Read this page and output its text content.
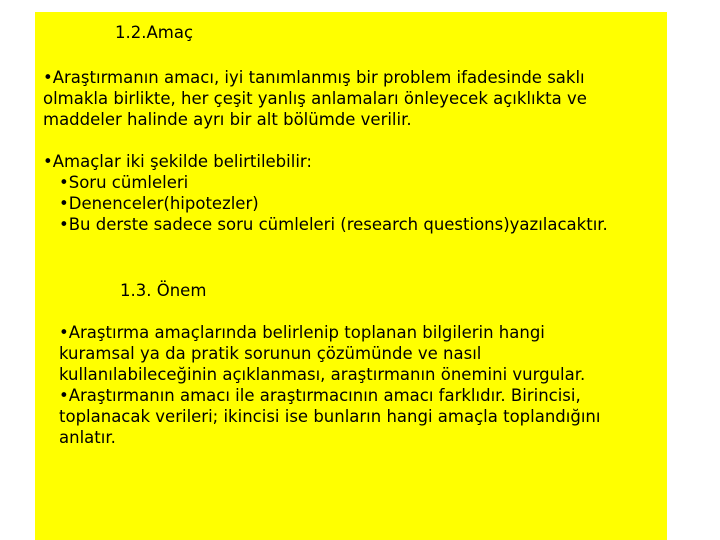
1.2.Amaç
•Araştırmanın amacı, iyi tanımlanmış bir problem ifadesinde saklı
olmakla birlikte, her çeşit yanlış anlamaları önleyecek açıklıkta ve
maddeler halinde ayrı bir alt bölümde verilir.
•Amaçlar iki şekilde belirtilebilir:
•Soru cümleleri
•Denenceler(hipotezler)
•Bu derste sadece soru cümleleri (research questions)yazılacaktır.
1.3. Önem
•Araştırma amaçlarında belirlenip toplanan bilgilerin hangi
kuramsal ya da pratik sorunun çözümünde ve nasıl
kullanılabileceğinin açıklanması, araştırmanın önemini vurgular.
•Araştırmanın amacı ile araştırmacının amacı farklıdır. Birincisi,
toplanacak verileri; ikincisi ise bunların hangi amaçla toplandığını
anlatır.
